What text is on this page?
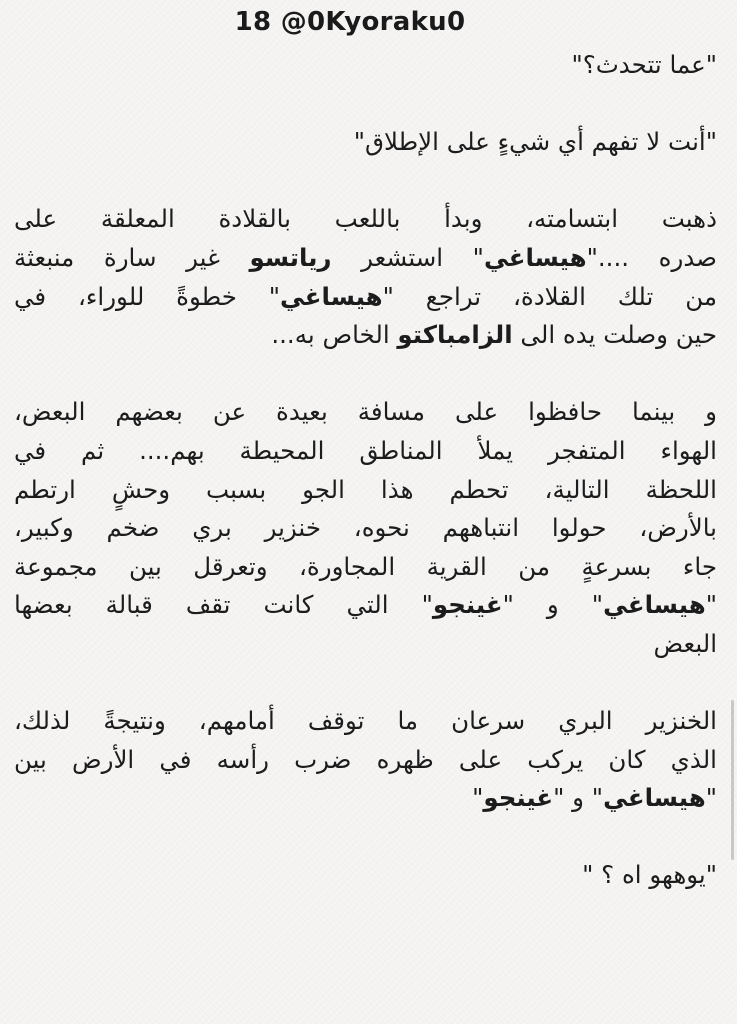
18 @0Kyoraku0
"عما تتحدث؟"
"أنت لا تفهم أي شيءٍ على الإطلاق"
ذهبت ابتسامته، وبدأ باللعب بالقلادة المعلقة على
صدره ...."هيساغي" استشعر رياتسو غير سارة منبعثة
من تلك القلادة، تراجع "هيساغي" خطوةً للوراء، في
حين وصلت يده الى الزامباكتو الخاص به...
و بينما حافظوا على مسافة بعيدة عن بعضهم البعض،
الهواء المتفجر يملأ المناطق المحيطة بهم.... ثم في
اللحظة التالية، تحطم هذا الجو بسبب وحشٍ ارتطم
بالأرض، حولوا انتباههم نحوه، خنزير بري ضخم وكبير،
جاء بسرعةٍ من القرية المجاورة، وتعرقل بين مجموعة
"هيساغي" و "غينجو" التي كانت تقف قبالة بعضها
البعض
الخنزير البري سرعان ما توقف أمامهم، ونتيجةً لذلك،
الذي كان يركب على ظهره ضرب رأسه في الأرض بين
"هيساغي" و "غينجو"
"يوههو اه ؟ "
